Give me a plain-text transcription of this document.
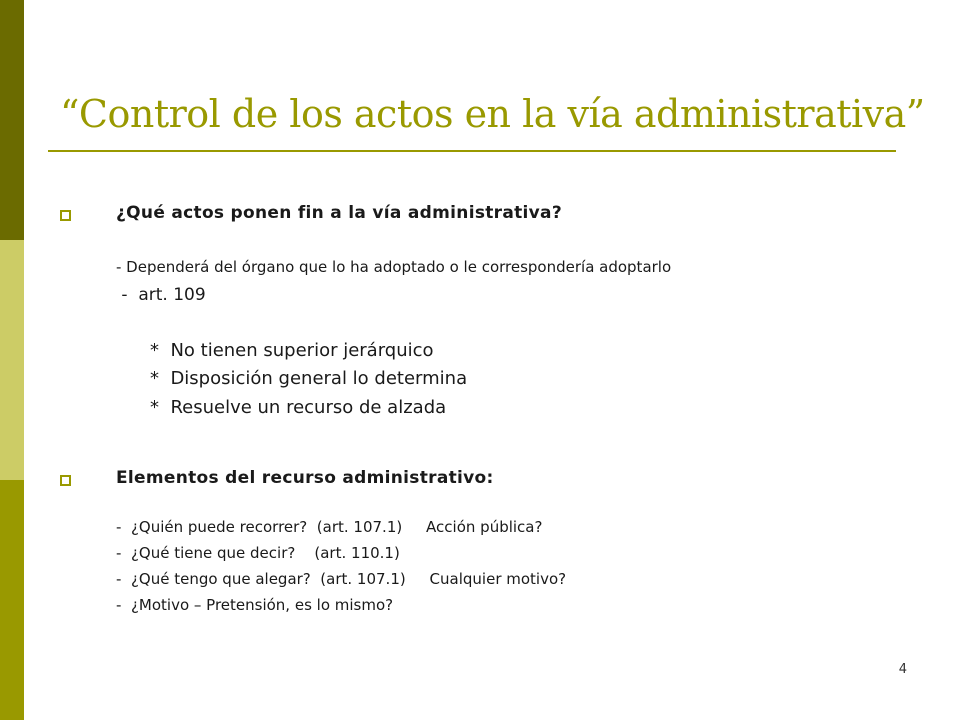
“Control de los actos en la vía administrativa”
¿Qué actos ponen fin a la vía administrativa?
- Dependerá del órgano que lo ha adoptado o le correspondería adoptarlo
-  art. 109
*  No tienen superior jerárquico
*  Disposición general lo determina
*  Resuelve un recurso de alzada
Elementos del recurso administrativo:
-  ¿Quién puede recorrer?  (art. 107.1)     Acción pública?
-  ¿Qué tiene que decir?    (art. 110.1)
-  ¿Qué tengo que alegar?  (art. 107.1)     Cualquier motivo?
-  ¿Motivo – Pretensión, es lo mismo?
4
